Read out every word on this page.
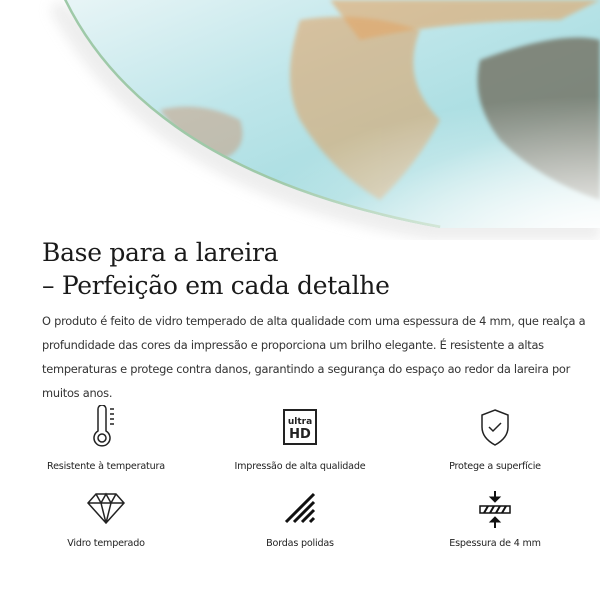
Base para a lareira
– Perfeição em cada detalhe
O produto é feito de vidro temperado de alta qualidade com uma espessura de 4 mm, que realça a profundidade das cores da impressão e proporciona um brilho elegante. É resistente a altas temperaturas e protege contra danos, garantindo a segurança do espaço ao redor da lareira por muitos anos.
Resistente à temperatura
ultra
HD
Impressão de alta qualidade	Protege a superfície
Vidro temperado	Bordas polidas	Espessura de 4 mm
